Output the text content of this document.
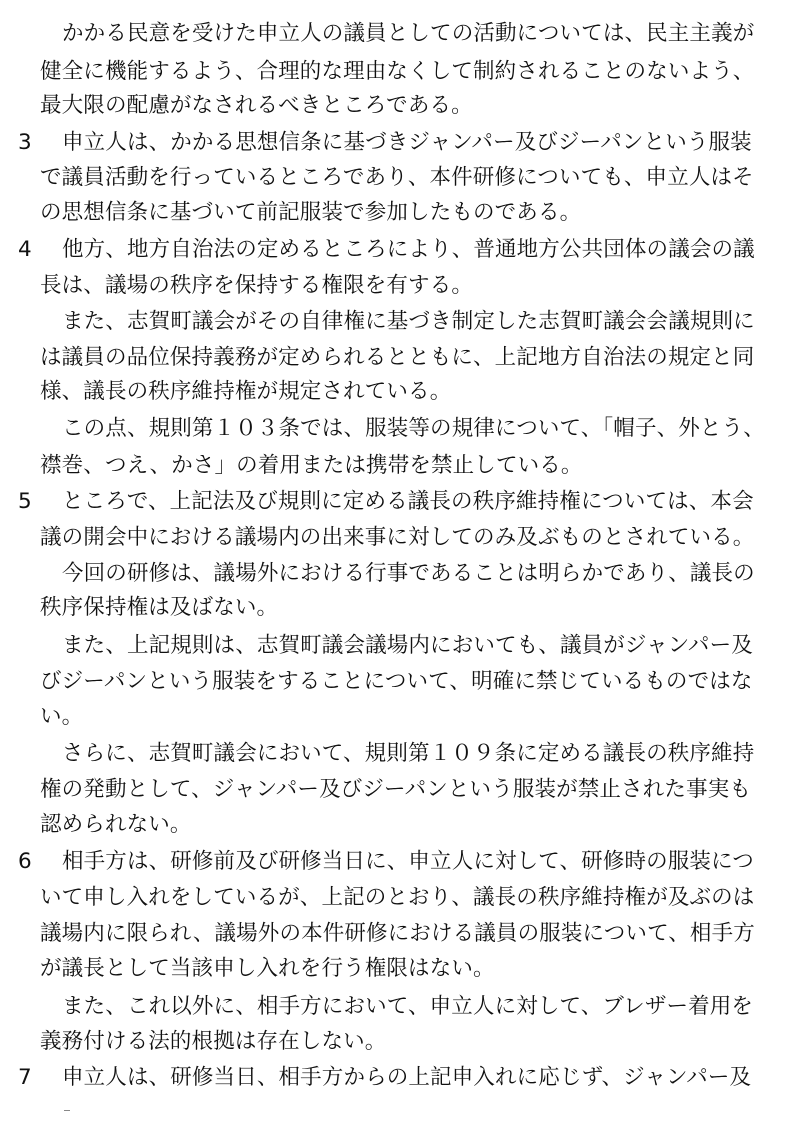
かかる民意を受けた申立人の議員としての活動については、民主主義が
健全に機能するよう、合理的な理由なくして制約されることのないよう、
最大限の配慮がなされるべきところである。
3	申立人は、かかる思想信条に基づきジャンパー及びジーパンという服装
で議員活動を行っているところであり、本件研修についても、申立人はそ
の思想信条に基づいて前記服装で参加したものである。
4	他方、地方自治法の定めるところにより、普通地方公共団体の議会の議
長は、議場の秩序を保持する権限を有する。
また、志賀町議会がその自律権に基づき制定した志賀町議会会議規則に
は議員の品位保持義務が定められるとともに、上記地方自治法の規定と同
様、議長の秩序維持権が規定されている。
この点、規則第１０３条では、服装等の規律について、「帽子、外とう、
襟巻、つえ、かさ」の着用または携帯を禁止している。
5	ところで、上記法及び規則に定める議長の秩序維持権については、本会
議の開会中における議場内の出来事に対してのみ及ぶものとされている。
今回の研修は、議場外における行事であることは明らかであり、議長の
秩序保持権は及ばない。
また、上記規則は、志賀町議会議場内においても、議員がジャンパー及
びジーパンという服装をすることについて、明確に禁じているものではな
い。
さらに、志賀町議会において、規則第１０９条に定める議長の秩序維持
権の発動として、ジャンパー及びジーパンという服装が禁止された事実も
認められない。
6	相手方は、研修前及び研修当日に、申立人に対して、研修時の服装につ
いて申し入れをしているが、上記のとおり、議長の秩序維持権が及ぶのは
議場内に限られ、議場外の本件研修における議員の服装について、相手方
が議長として当該申し入れを行う権限はない。
また、これ以外に、相手方において、申立人に対して、ブレザー着用を
義務付ける法的根拠は存在しない。
7	申立人は、研修当日、相手方からの上記申入れに応じず、ジャンパー及
